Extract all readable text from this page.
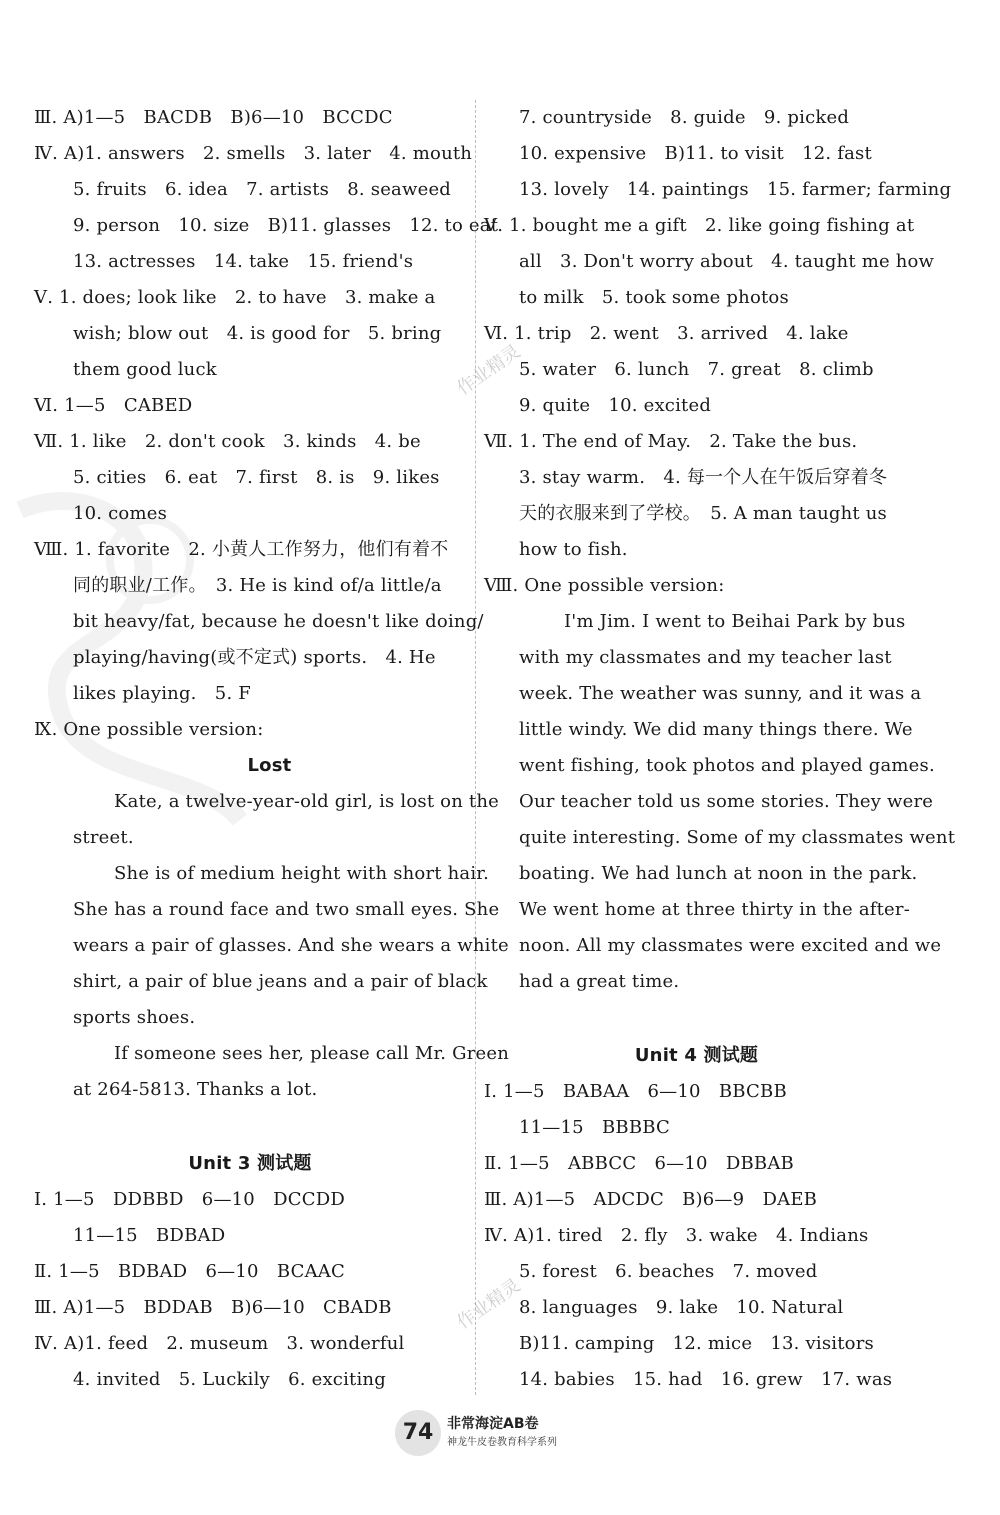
Ⅲ. A)1—5　BACDB　B)6—10　BCCDC
Ⅳ. A)1. answers　2. smells　3. later　4. mouth
5. fruits　6. idea　7. artists　8. seaweed
9. person　10. size　B)11. glasses　12. to eat
13. actresses　14. take　15. friend's
Ⅴ. 1. does; look like　2. to have　3. make a
wish; blow out　4. is good for　5. bring
them good luck
Ⅵ. 1—5　CABED
Ⅶ. 1. like　2. don't cook　3. kinds　4. be
5. cities　6. eat　7. first　8. is　9. likes
10. comes
Ⅷ. 1. favorite　2. 小黄人工作努力，他们有着不
同的职业/工作。　3. He is kind of/a little/a
bit heavy/fat, because he doesn't like doing/
playing/having(或不定式) sports.　4. He
likes playing.　5. F
Ⅸ. One possible version:
Lost
Kate, a twelve-year-old girl, is lost on the
street.
She is of medium height with short hair.
She has a round face and two small eyes. She
wears a pair of glasses. And she wears a white
shirt, a pair of blue jeans and a pair of black
sports shoes.
If someone sees her, please call Mr. Green
at 264-5813. Thanks a lot.
Unit 3 测试题
Ⅰ. 1—5　DDBBD　6—10　DCCDD
11—15　BDBAD
Ⅱ. 1—5　BDBAD　6—10　BCAAC
Ⅲ. A)1—5　BDDAB　B)6—10　CBADB
Ⅳ. A)1. feed　2. museum　3. wonderful
4. invited　5. Luckily　6. exciting
7. countryside　8. guide　9. picked
10. expensive　B)11. to visit　12. fast
13. lovely　14. paintings　15. farmer; farming
Ⅴ. 1. bought me a gift　2. like going fishing at
all　3. Don't worry about　4. taught me how
to milk　5. took some photos
Ⅵ. 1. trip　2. went　3. arrived　4. lake
5. water　6. lunch　7. great　8. climb
9. quite　10. excited
Ⅶ. 1. The end of May.　2. Take the bus.
3. stay warm.　4. 每一个人在午饭后穿着冬
天的衣服来到了学校。　5. A man taught us
how to fish.
Ⅷ. One possible version:
I'm Jim. I went to Beihai Park by bus
with my classmates and my teacher last
week. The weather was sunny, and it was a
little windy. We did many things there. We
went fishing, took photos and played games.
Our teacher told us some stories. They were
quite interesting. Some of my classmates went
boating. We had lunch at noon in the park.
We went home at three thirty in the after-
noon. All my classmates were excited and we
had a great time.
Unit 4 测试题
Ⅰ. 1—5　BABAA　6—10　BBCBB
11—15　BBBBC
Ⅱ. 1—5　ABBCC　6—10　DBBAB
Ⅲ. A)1—5　ADCDC　B)6—9　DAEB
Ⅳ. A)1. tired　2. fly　3. wake　4. Indians
5. forest　6. beaches　7. moved
8. languages　9. lake　10. Natural
B)11. camping　12. mice　13. visitors
14. babies　15. had　16. grew　17. was
作业精灵
作业精灵
74 非常海淀AB卷
神龙牛皮卷教育科学系列
